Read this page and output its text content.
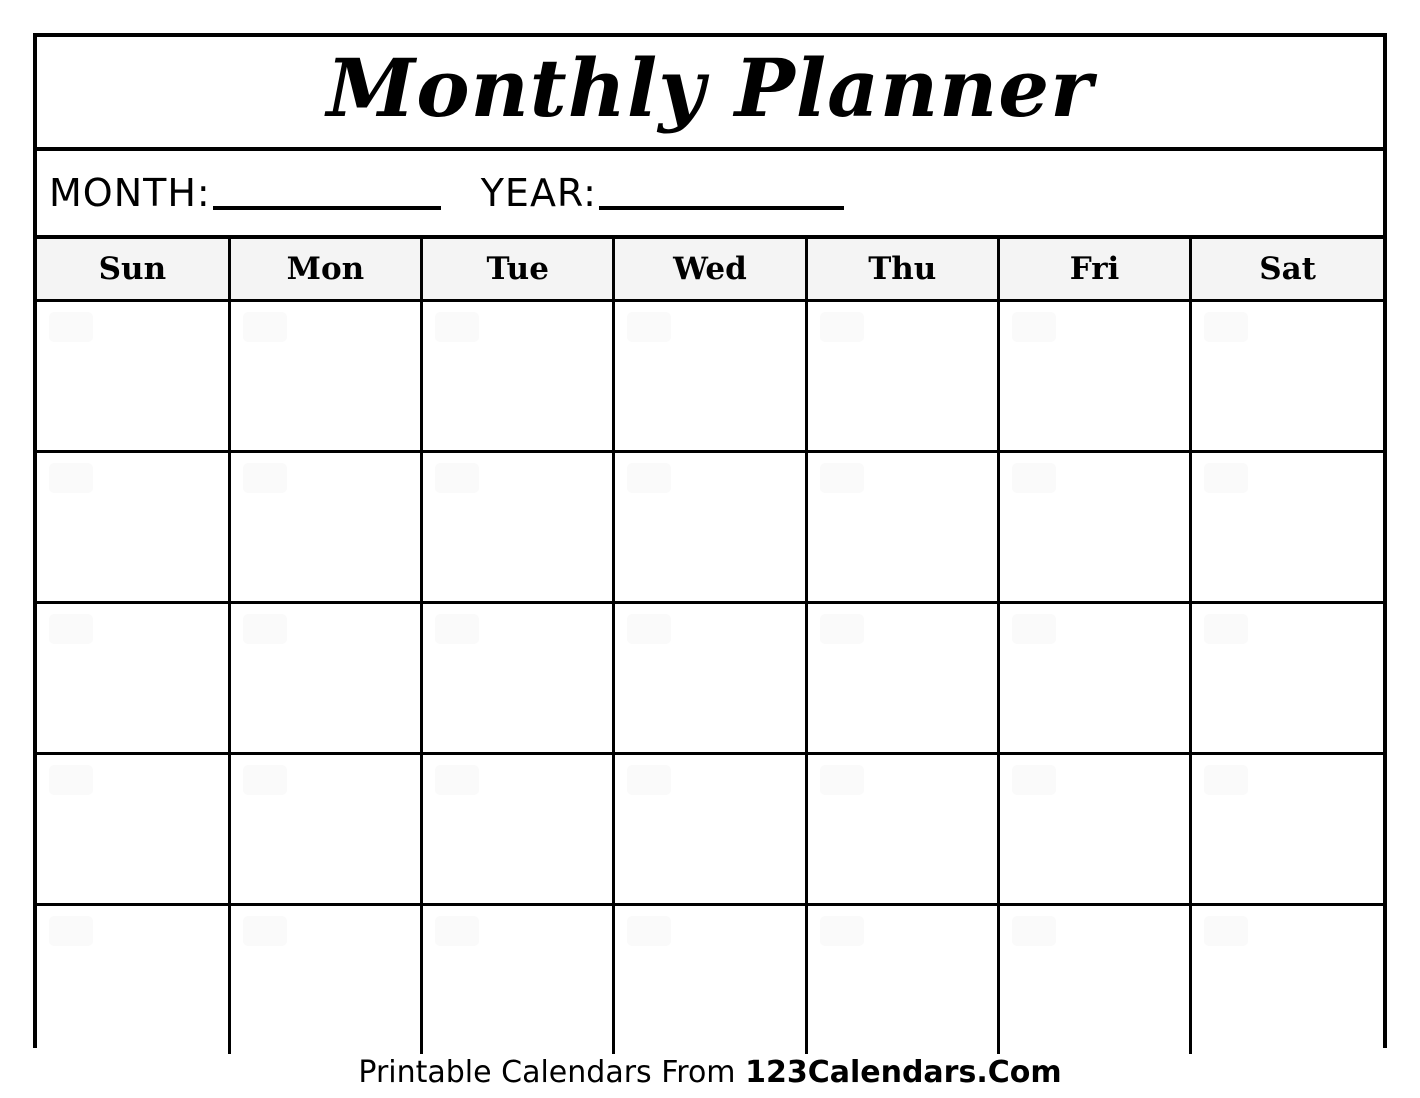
Monthly Planner
MONTH:	YEAR:
Sun	Mon	Tue	Wed	Thu	Fri	Sat

Printable Calendars From 123Calendars.Com
